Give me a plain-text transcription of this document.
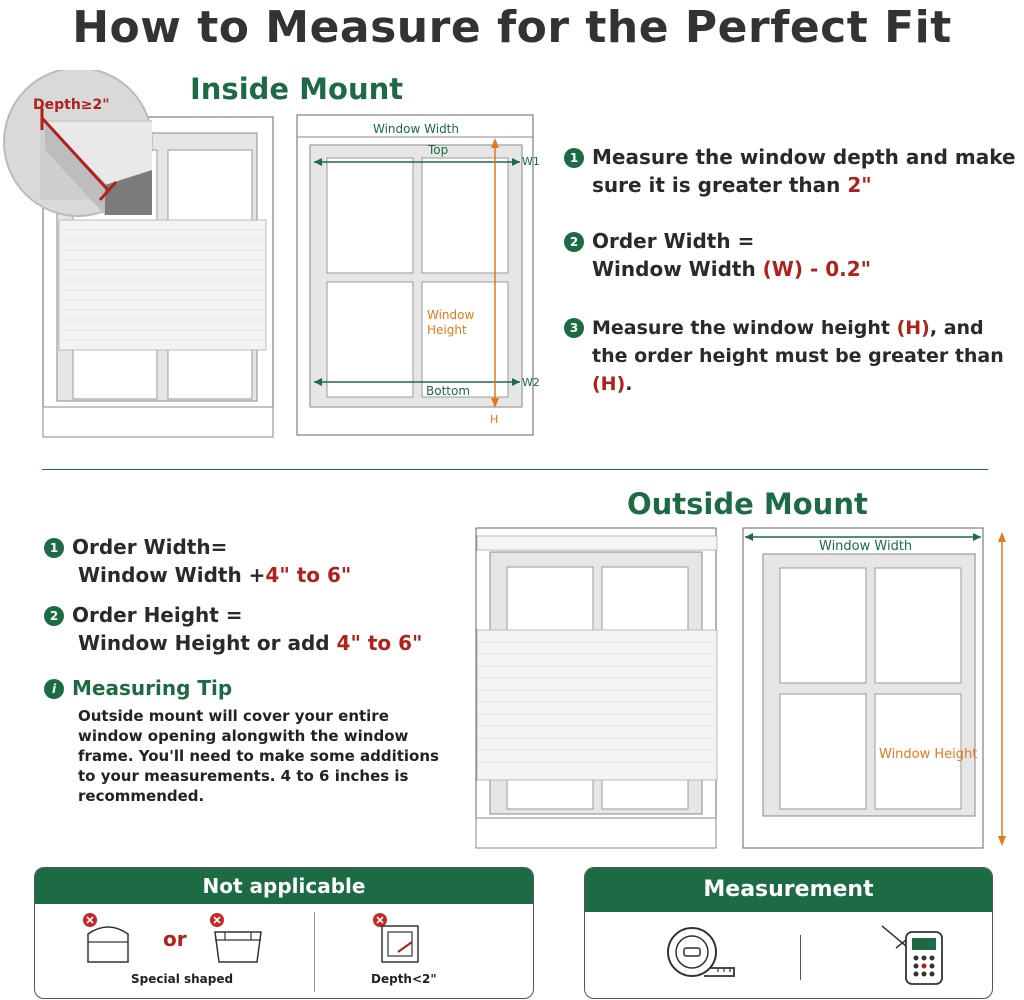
How to Measure for the Perfect Fit
Inside Mount
Depth≥2"
Window Width
Top
Bottom
W1
W2
Window Height
H
1 Measure the window depth and make
sure it is greater than 2"
2 Order Width =
Window Width (W) - 0.2"
3 Measure the window height (H), and
the order height must be greater than
(H).
Outside Mount
1 Order Width=
Window Width +4" to 6"
2 Order Height =
Window Height or add 4" to 6"
i Measuring Tip
Outside mount will cover your entire
window opening alongwith the window
frame. You'll need to make some additions
to your measurements. 4 to 6 inches is
recommended.
Window Width
Window Height
Not applicable
or
Special shaped	Depth<2"
Measurement
